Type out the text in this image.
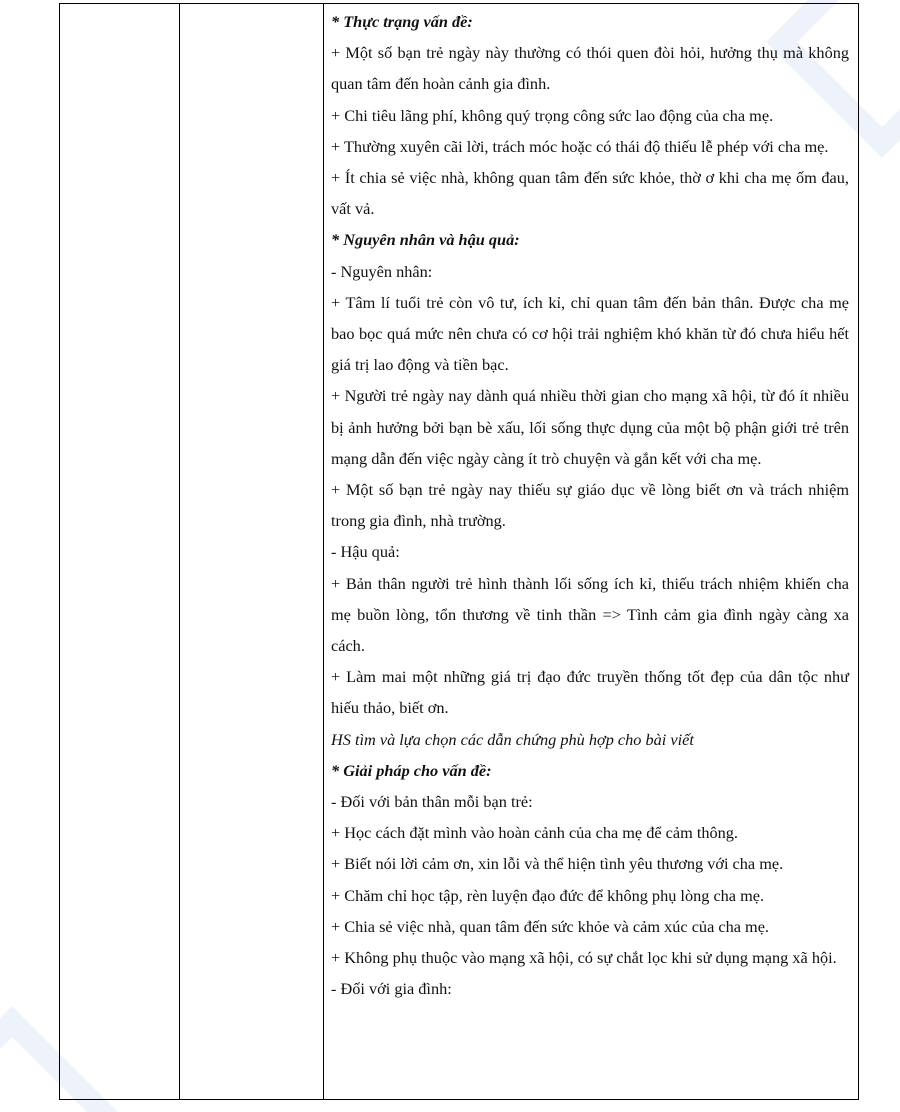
* Thực trạng vấn đề:

+ Một số bạn trẻ ngày này thường có thói quen đòi hỏi, hưởng thụ mà không quan tâm đến hoàn cảnh gia đình.

+ Chi tiêu lãng phí, không quý trọng công sức lao động của cha mẹ.

+ Thường xuyên cãi lời, trách móc hoặc có thái độ thiếu lễ phép với cha mẹ.

+ Ít chia sẻ việc nhà, không quan tâm đến sức khỏe, thờ ơ khi cha mẹ ốm đau, vất vả.

* Nguyên nhân và hậu quả:

- Nguyên nhân:

+ Tâm lí tuổi trẻ còn vô tư, ích kỉ, chỉ quan tâm đến bản thân. Được cha mẹ bao bọc quá mức nên chưa có cơ hội trải nghiệm khó khăn từ đó chưa hiểu hết giá trị lao động và tiền bạc.

+ Người trẻ ngày nay dành quá nhiều thời gian cho mạng xã hội, từ đó ít nhiều bị ảnh hưởng bởi bạn bè xấu, lối sống thực dụng của một bộ phận giới trẻ trên mạng dẫn đến việc ngày càng ít trò chuyện và gắn kết với cha mẹ.

+ Một số bạn trẻ ngày nay thiếu sự giáo dục về lòng biết ơn và trách nhiệm trong gia đình, nhà trường.

- Hậu quả:

+ Bản thân người trẻ hình thành lối sống ích kỉ, thiếu trách nhiệm khiến cha mẹ buồn lòng, tổn thương về tinh thần => Tình cảm gia đình ngày càng xa cách.

+ Làm mai một những giá trị đạo đức truyền thống tốt đẹp của dân tộc như hiếu thảo, biết ơn.

HS tìm và lựa chọn các dẫn chứng phù hợp cho bài viết

* Giải pháp cho vấn đề:

- Đối với bản thân mỗi bạn trẻ:

+ Học cách đặt mình vào hoàn cảnh của cha mẹ để cảm thông.

+ Biết nói lời cảm ơn, xin lỗi và thể hiện tình yêu thương với cha mẹ.

+ Chăm chỉ học tập, rèn luyện đạo đức để không phụ lòng cha mẹ.

+ Chia sẻ việc nhà, quan tâm đến sức khỏe và cảm xúc của cha mẹ.

+ Không phụ thuộc vào mạng xã hội, có sự chắt lọc khi sử dụng mạng xã hội.

- Đối với gia đình:
